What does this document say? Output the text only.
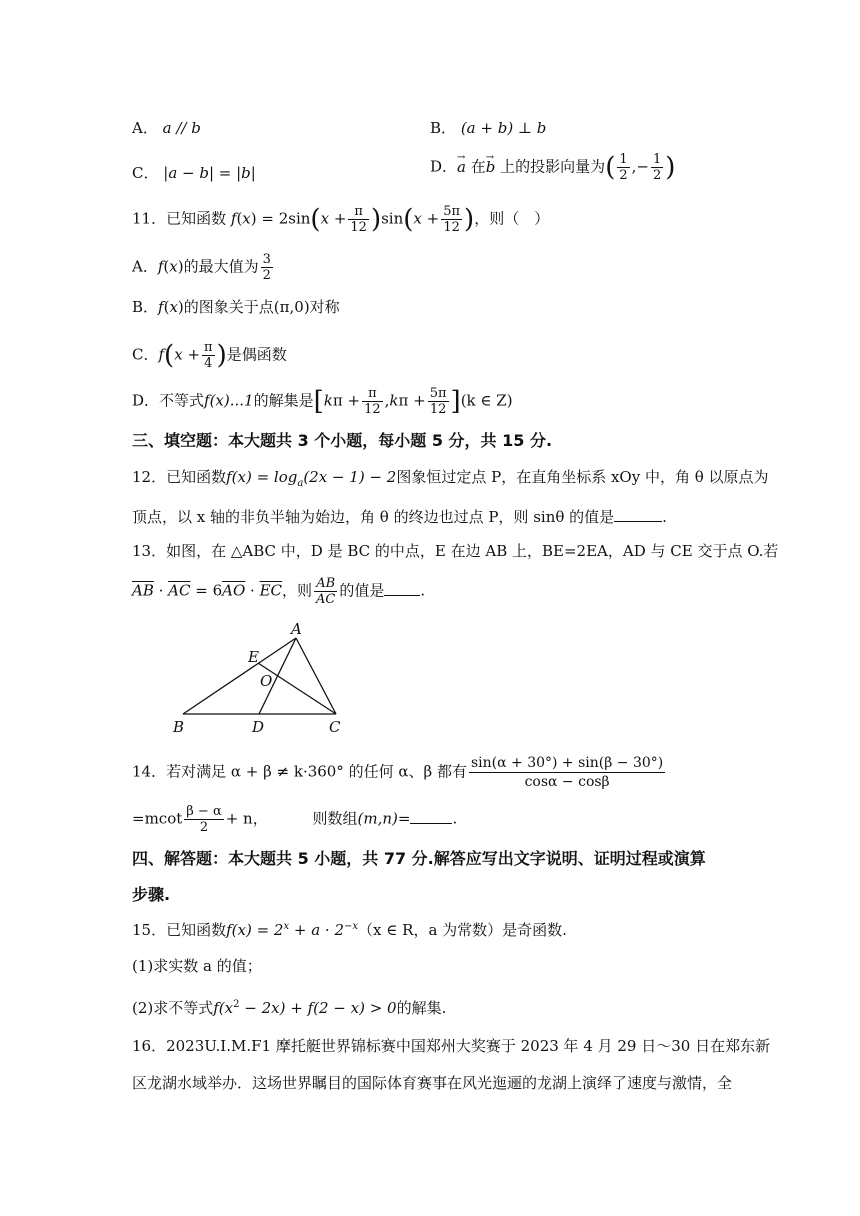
A． a // b	B． (a + b) ⊥ b
C． |a − b| = |b|	D．→ a 在→ b 上的投影向量为( $\frac{1}{2}$ ,− $\frac{1}{2}$ )
11．已知函数 $f(x) = 2\sin(x + \frac{\pi}{12} )\sin(x + \frac{5\pi}{12}$ )，则（　）
A．f(x)的最大值为 $\frac{3}{2}$
B．f(x)的图象关于点(π,0)对称
C．$f(x + \frac{\pi}{4}$ )是偶函数
D．不等式f(x)...1的解集是$[k\pi + \frac{\pi}{12} ,k\pi + \frac{5\pi}{12} ](k$ ∈ Z)
三、填空题：本大题共 3 个小题，每小题 5 分，共 15 分.
12．已知函数$f(x) = \log_a(2x - 1) - 2$图象恒过定点 P，在直角坐标系 xOy 中，角 θ 以原点为
顶点，以 x 轴的非负半轴为始边，角 θ 的终边也过点 P，则 sinθ 的值是	.
13．如图，在 △ABC 中，D 是 BC 的中点，E 在边 AB 上，BE=2EA，AD 与 CE 交于点 O.若
$\overline{AB} \cdot \overline{AC} = 6\overline{AO} \cdot \overline{EC}$，则 $\frac{AB}{AC}$ 的值是 .
A
B	C
D
E
O
14．若对满足 α + β ≠ k·360° 的任何 α、β 都有 $\frac{\sin(\alpha + 30^\circ) + \sin(\beta - 30^\circ)}{\cos\alpha - \cos\beta}$
$=mcot \frac{\beta - \alpha}{2} + n$，	则数组(m,n)=	.
四、解答题：本大题共 5 小题，共 77 分.解答应写出文字说明、证明过程或演算
步骤.
15．已知函数$f(x) = 2^x + a \cdot 2^{-x}(x$ ∈ R，a 为常数）是奇函数.
(1)求实数 a 的值；
(2)求不等式$f(x^2 - 2x) + f(2 - x) > 0$的解集.
16．2023U.I.M.F1 摩托艇世界锦标赛中国郑州大奖赛于 2023 年 4 月 29 日～30 日在郑东新
区龙湖水域举办．这场世界瞩目的国际体育赛事在风光迤逦的龙湖上演绎了速度与激情，全
